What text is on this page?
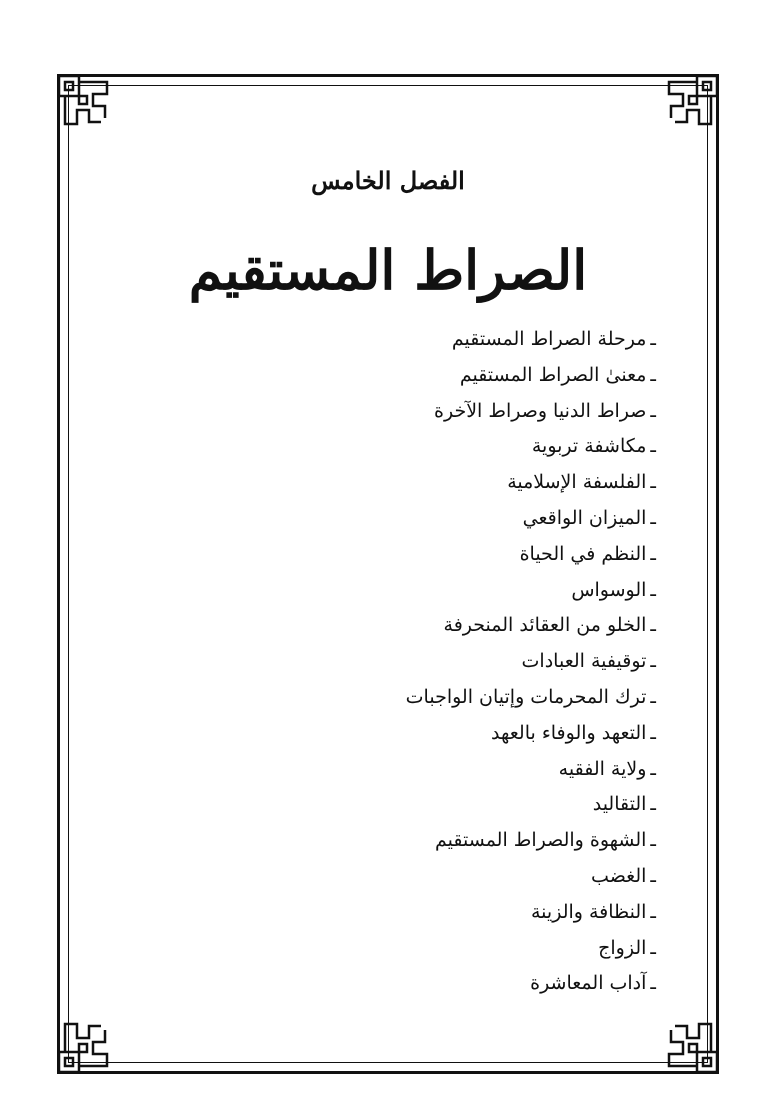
الفصل الخامس
الصراط المستقيم
ـمرحلة الصراط المستقيم
ـمعنىٰ الصراط المستقيم
ـصراط الدنيا وصراط الآخرة
ـمكاشفة تربوية
ـالفلسفة الإسلامية
ـالميزان الواقعي
ـالنظم في الحياة
ـالوسواس
ـالخلو من العقائد المنحرفة
ـتوقيفية العبادات
ـترك المحرمات وإتيان الواجبات
ـالتعهد والوفاء بالعهد
ـولاية الفقيه
ـالتقاليد
ـالشهوة والصراط المستقيم
ـالغضب
ـالنظافة والزينة
ـالزواج
ـآداب المعاشرة
